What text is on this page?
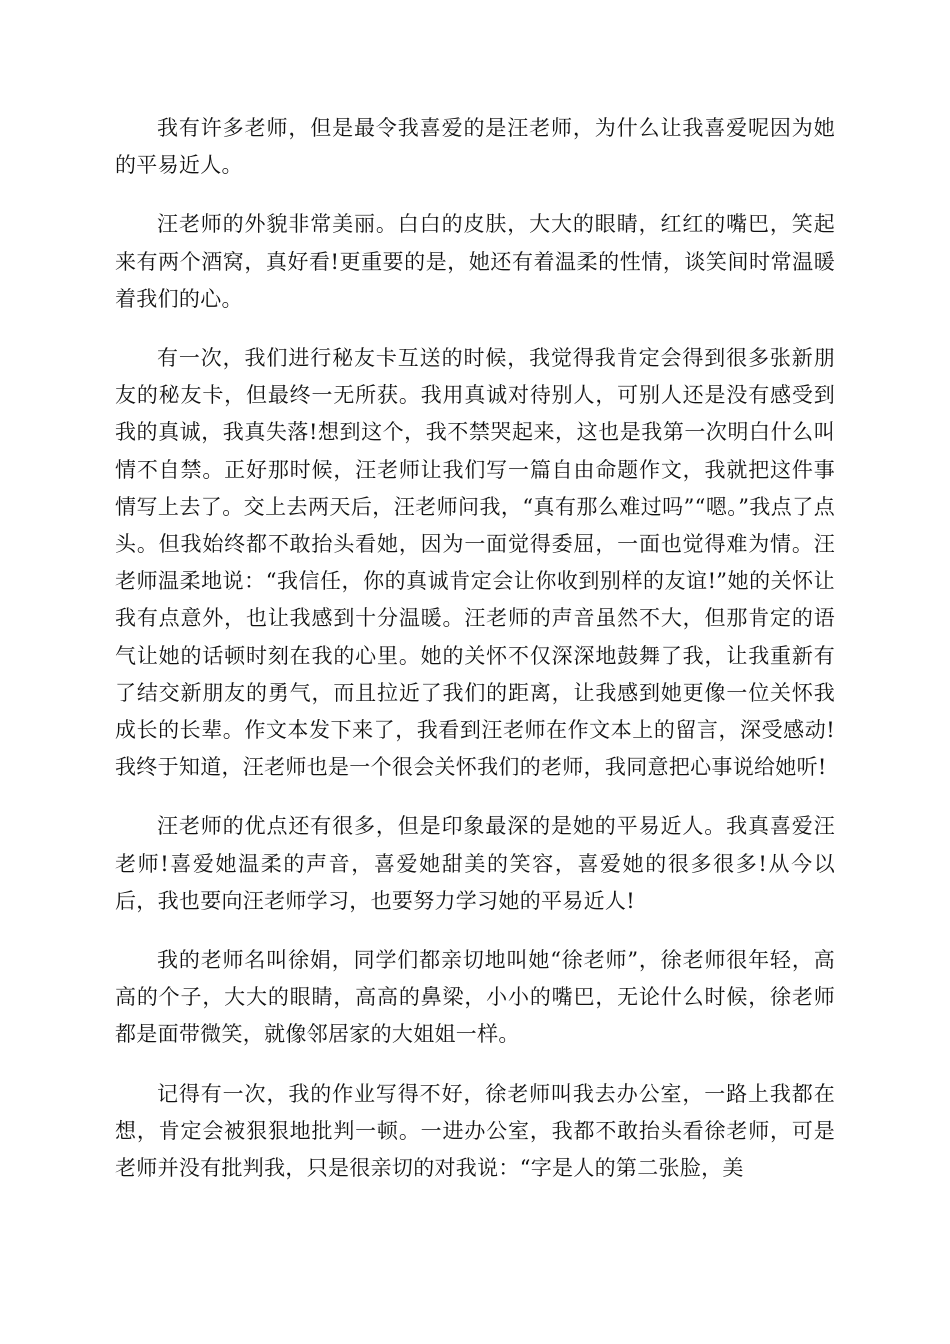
我有许多老师，但是最令我喜爱的是汪老师，为什么让我喜爱呢因为她的平易近人。

汪老师的外貌非常美丽。白白的皮肤，大大的眼睛，红红的嘴巴，笑起来有两个酒窝，真好看!更重要的是，她还有着温柔的性情，谈笑间时常温暖着我们的心。

有一次，我们进行秘友卡互送的时候，我觉得我肯定会得到很多张新朋友的秘友卡，但最终一无所获。我用真诚对待别人，可别人还是没有感受到我的真诚，我真失落!想到这个，我不禁哭起来，这也是我第一次明白什么叫情不自禁。正好那时候，汪老师让我们写一篇自由命题作文，我就把这件事情写上去了。交上去两天后，汪老师问我，“真有那么难过吗”“嗯。”我点了点头。但我始终都不敢抬头看她，因为一面觉得委屈，一面也觉得难为情。汪老师温柔地说：“我信任，你的真诚肯定会让你收到别样的友谊!”她的关怀让我有点意外，也让我感到十分温暖。汪老师的声音虽然不大，但那肯定的语气让她的话顿时刻在我的心里。她的关怀不仅深深地鼓舞了我，让我重新有了结交新朋友的勇气，而且拉近了我们的距离，让我感到她更像一位关怀我成长的长辈。作文本发下来了，我看到汪老师在作文本上的留言，深受感动!我终于知道，汪老师也是一个很会关怀我们的老师，我同意把心事说给她听!

汪老师的优点还有很多，但是印象最深的是她的平易近人。我真喜爱汪老师!喜爱她温柔的声音，喜爱她甜美的笑容，喜爱她的很多很多!从今以后，我也要向汪老师学习，也要努力学习她的平易近人!

我的老师名叫徐娟，同学们都亲切地叫她“徐老师”，徐老师很年轻，高高的个子，大大的眼睛，高高的鼻梁，小小的嘴巴，无论什么时候，徐老师都是面带微笑，就像邻居家的大姐姐一样。

记得有一次，我的作业写得不好，徐老师叫我去办公室，一路上我都在想，肯定会被狠狠地批判一顿。一进办公室，我都不敢抬头看徐老师，可是老师并没有批判我，只是很亲切的对我说：“字是人的第二张脸，美
